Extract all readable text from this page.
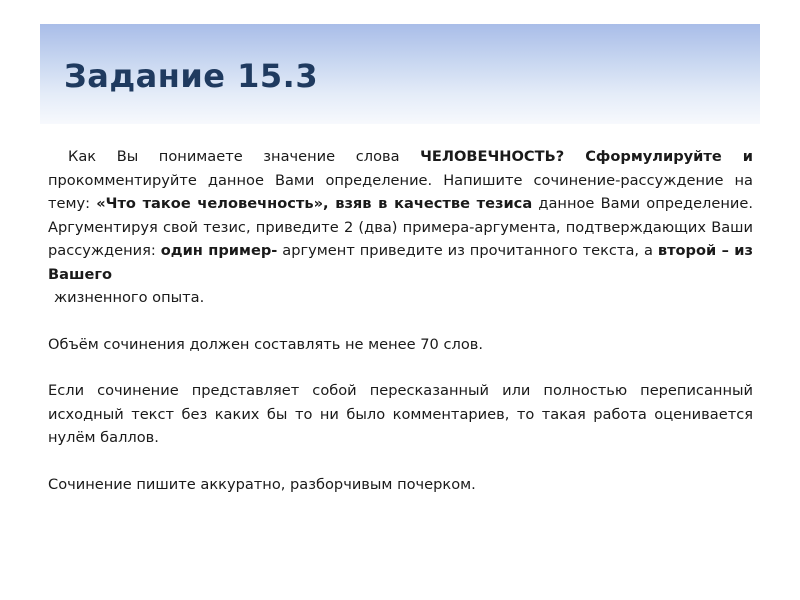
Задание 15.3

Как Вы понимаете значение слова ЧЕЛОВЕЧНОСТЬ? Сформулируйте и прокомментируйте данное Вами определение. Напишите сочинение-рассуждение на тему: «Что такое человечность», взяв в качестве тезиса данное Вами определение. Аргументируя свой тезис, приведите 2 (два) примера-аргумента, подтверждающих Ваши рассуждения: один пример- аргумент приведите из прочитанного текста, а второй – из Вашего
жизненного опыта.

Объём сочинения должен составлять не менее 70 слов.

Если сочинение представляет собой пересказанный или полностью переписанный исходный текст без каких бы то ни было комментариев, то такая работа оценивается нулём баллов.

Сочинение пишите аккуратно, разборчивым почерком.
